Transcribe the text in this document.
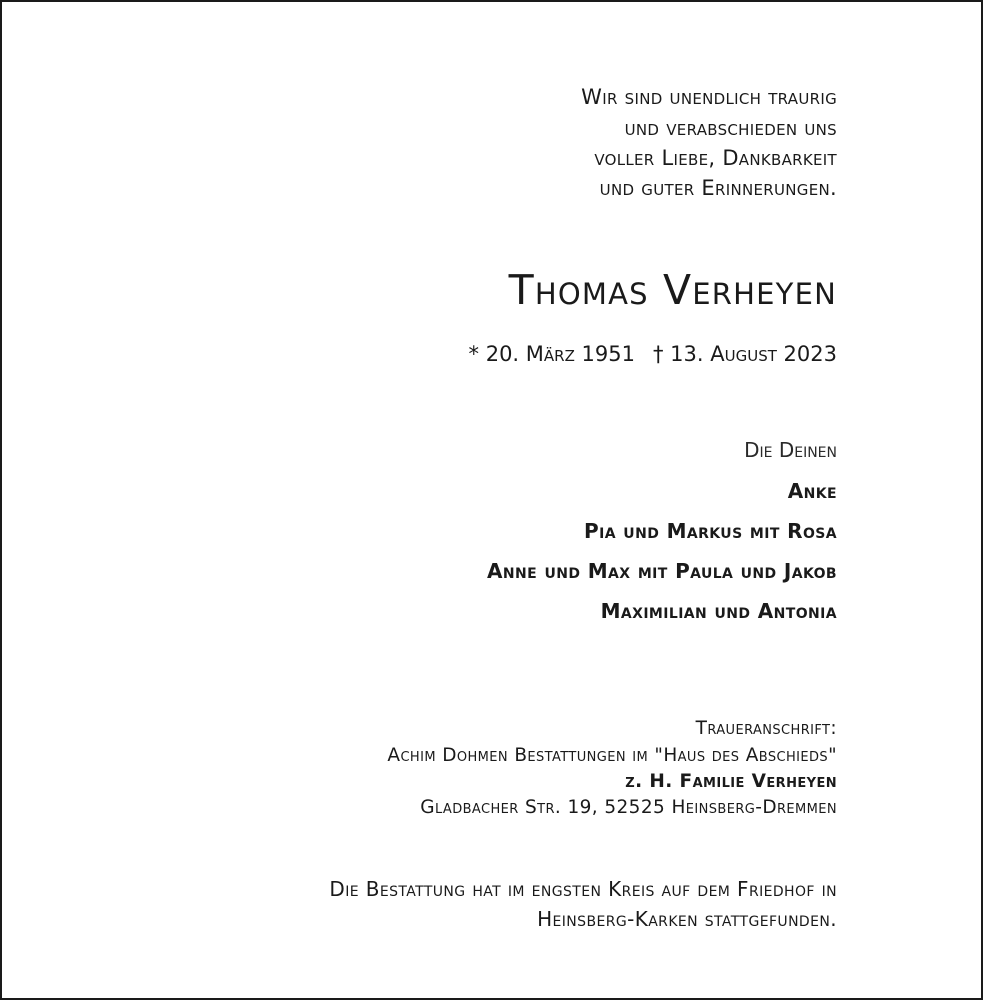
Wir sind unendlich traurig
und verabschieden uns
voller Liebe, Dankbarkeit
und guter Erinnerungen.
Thomas Verheyen
* 20. März 1951 † 13. August 2023
Die Deinen
Anke
Pia und Markus mit Rosa
Anne und Max mit Paula und Jakob
Maximilian und Antonia
Traueranschrift:
Achim Dohmen Bestattungen im "Haus des Abschieds"
z. H. Familie Verheyen
Gladbacher Str. 19, 52525 Heinsberg-Dremmen
Die Bestattung hat im engsten Kreis auf dem Friedhof in
Heinsberg-Karken stattgefunden.
